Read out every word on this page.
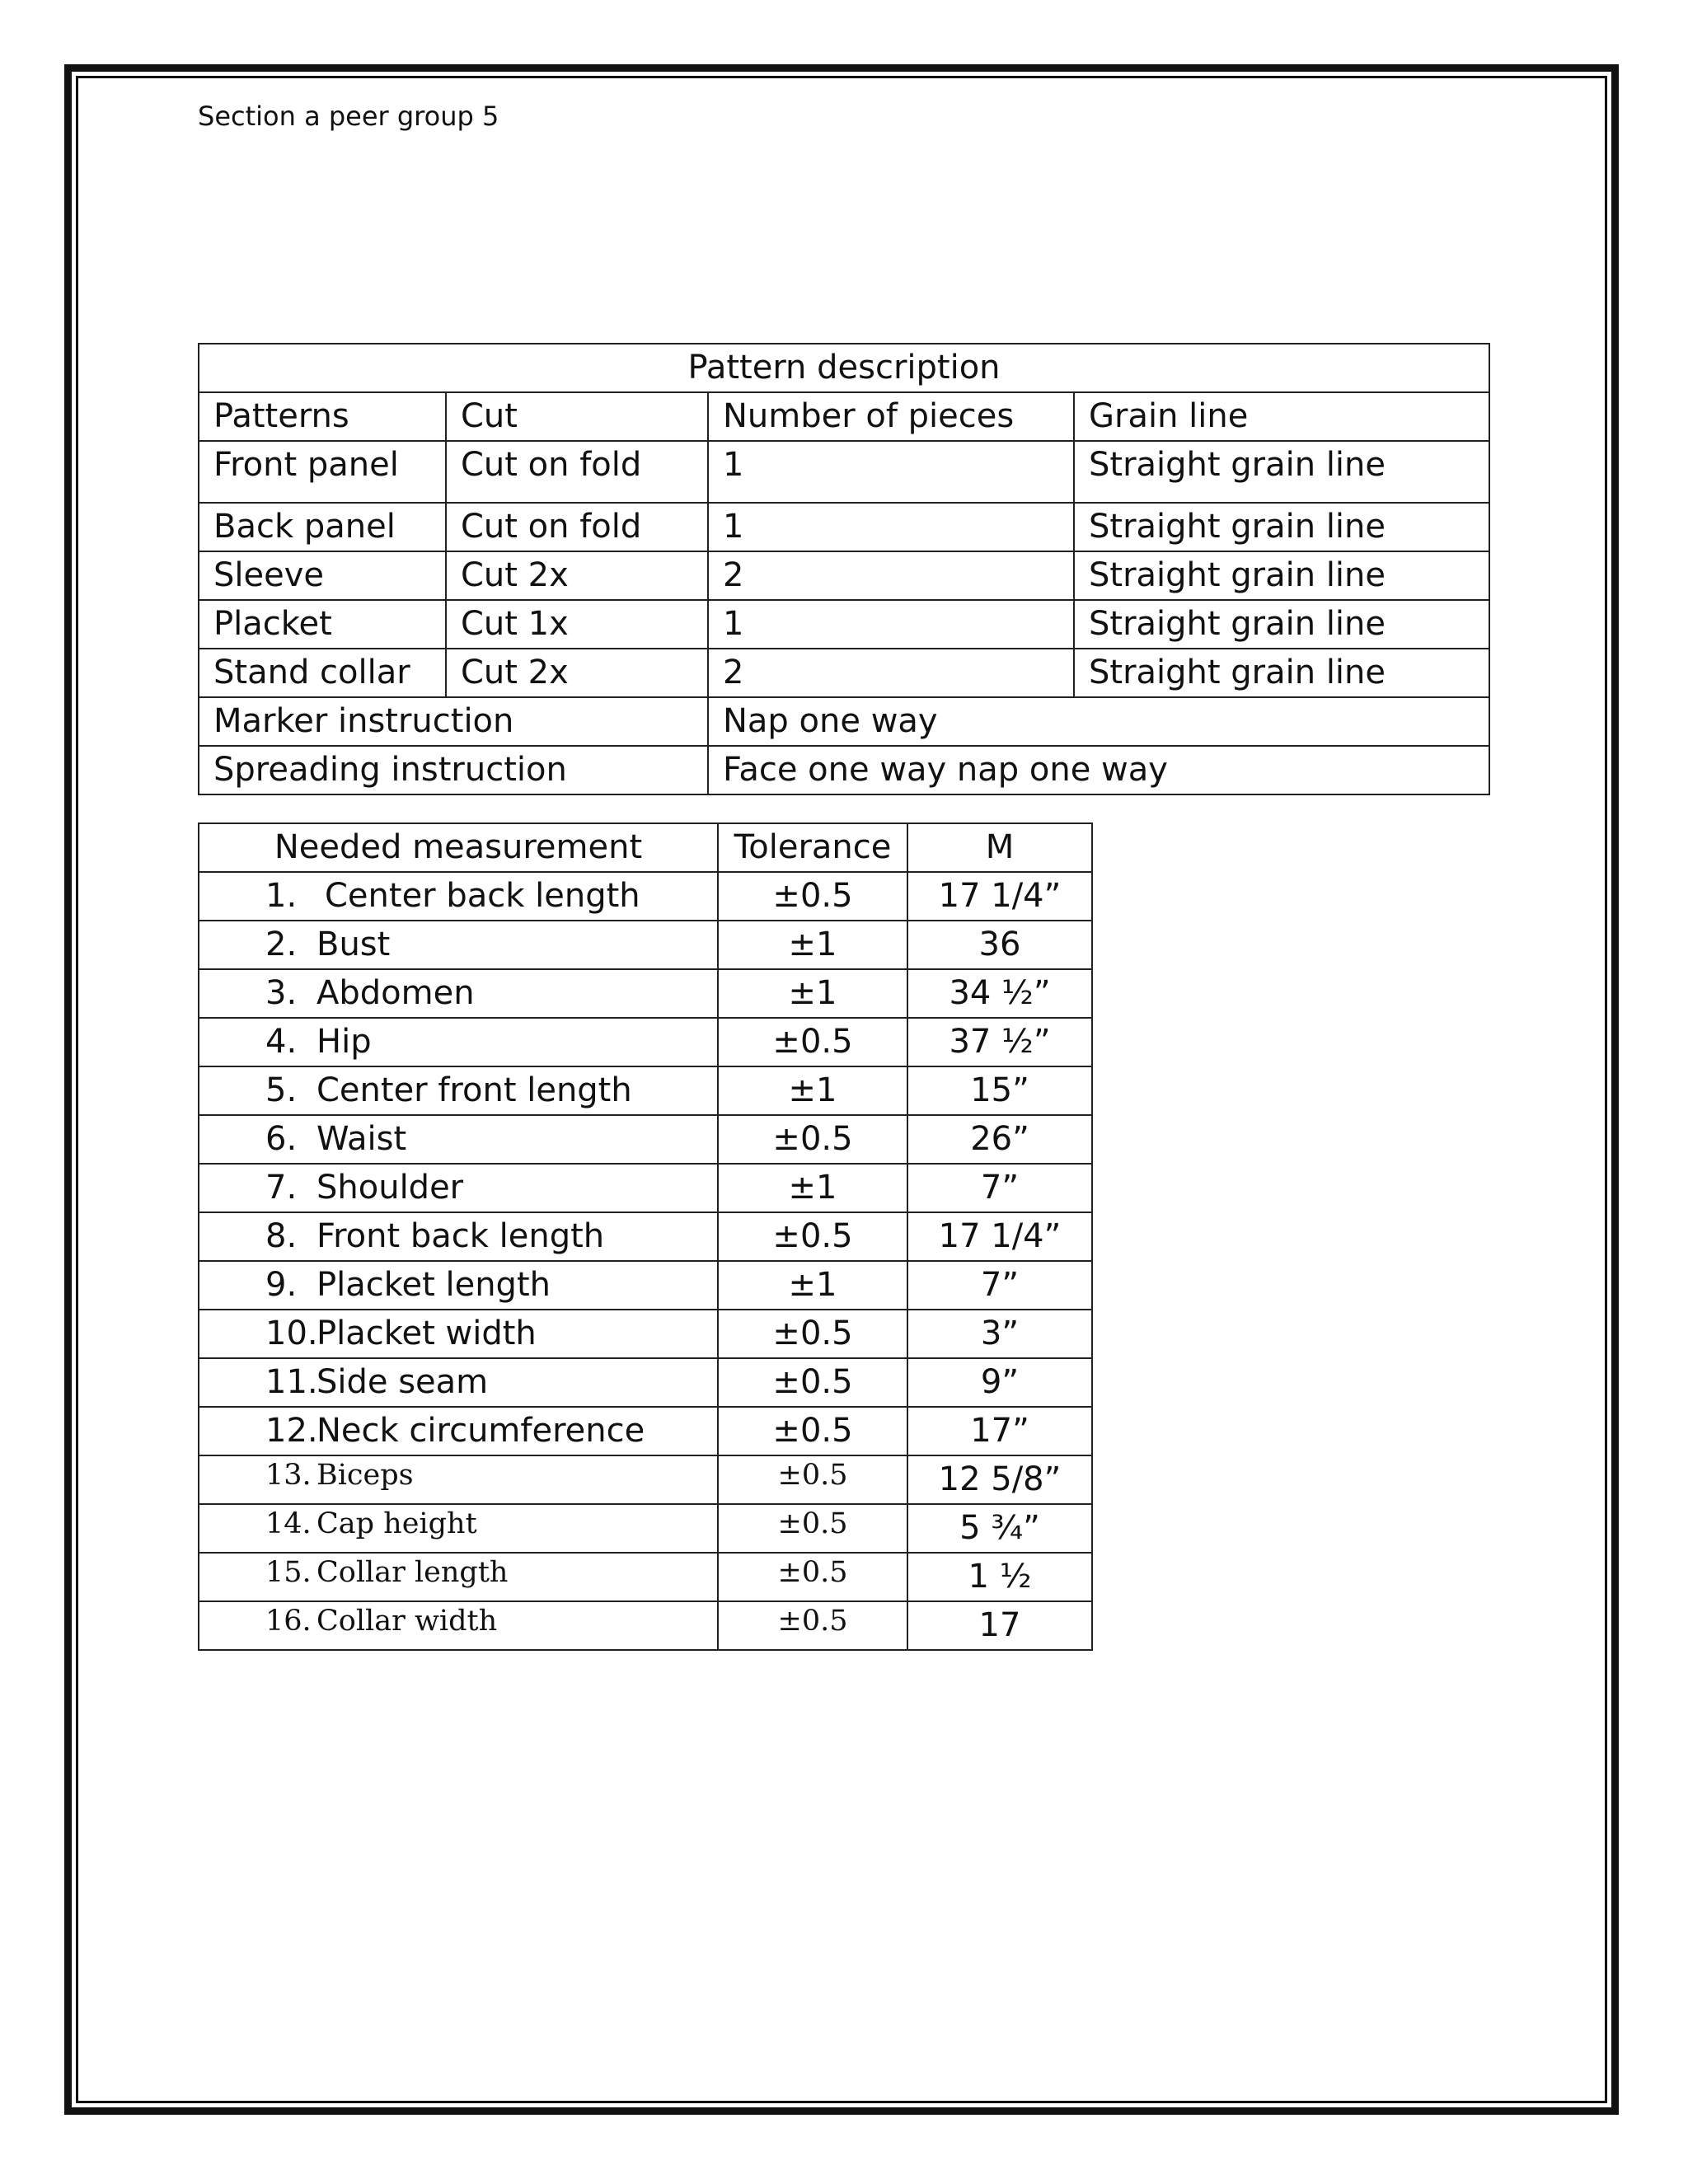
Section a peer group 5
Pattern description			
Patterns	Cut	Number of pieces	Grain line
Front panel	Cut on fold	1	Straight grain line
Back panel	Cut on fold	1	Straight grain line
Sleeve	Cut 2x	2	Straight grain line
Placket	Cut 1x	1	Straight grain line
Stand collar	Cut 2x	2	Straight grain line
Marker instruction		Nap one way	
Spreading instruction		Face one way nap one way	
Needed measurement	Tolerance	M
1. Center back length	±0.5	17 1/4”
2. Bust	±1	36
3. Abdomen	±1	34 ½”
4. Hip	±0.5	37 ½”
5. Center front length	±1	15”
6. Waist	±0.5	26”
7. Shoulder	±1	7”
8. Front back length	±0.5	17 1/4”
9. Placket length	±1	7”
10.Placket width	±0.5	3”
11.Side seam	±0.5	9”
12.Neck circumference	±0.5	17”
13. Biceps	±0.5	12 5/8”
14. Cap height	±0.5	5 ¾”
15. Collar length	±0.5	1 ½
16. Collar width	±0.5	17
